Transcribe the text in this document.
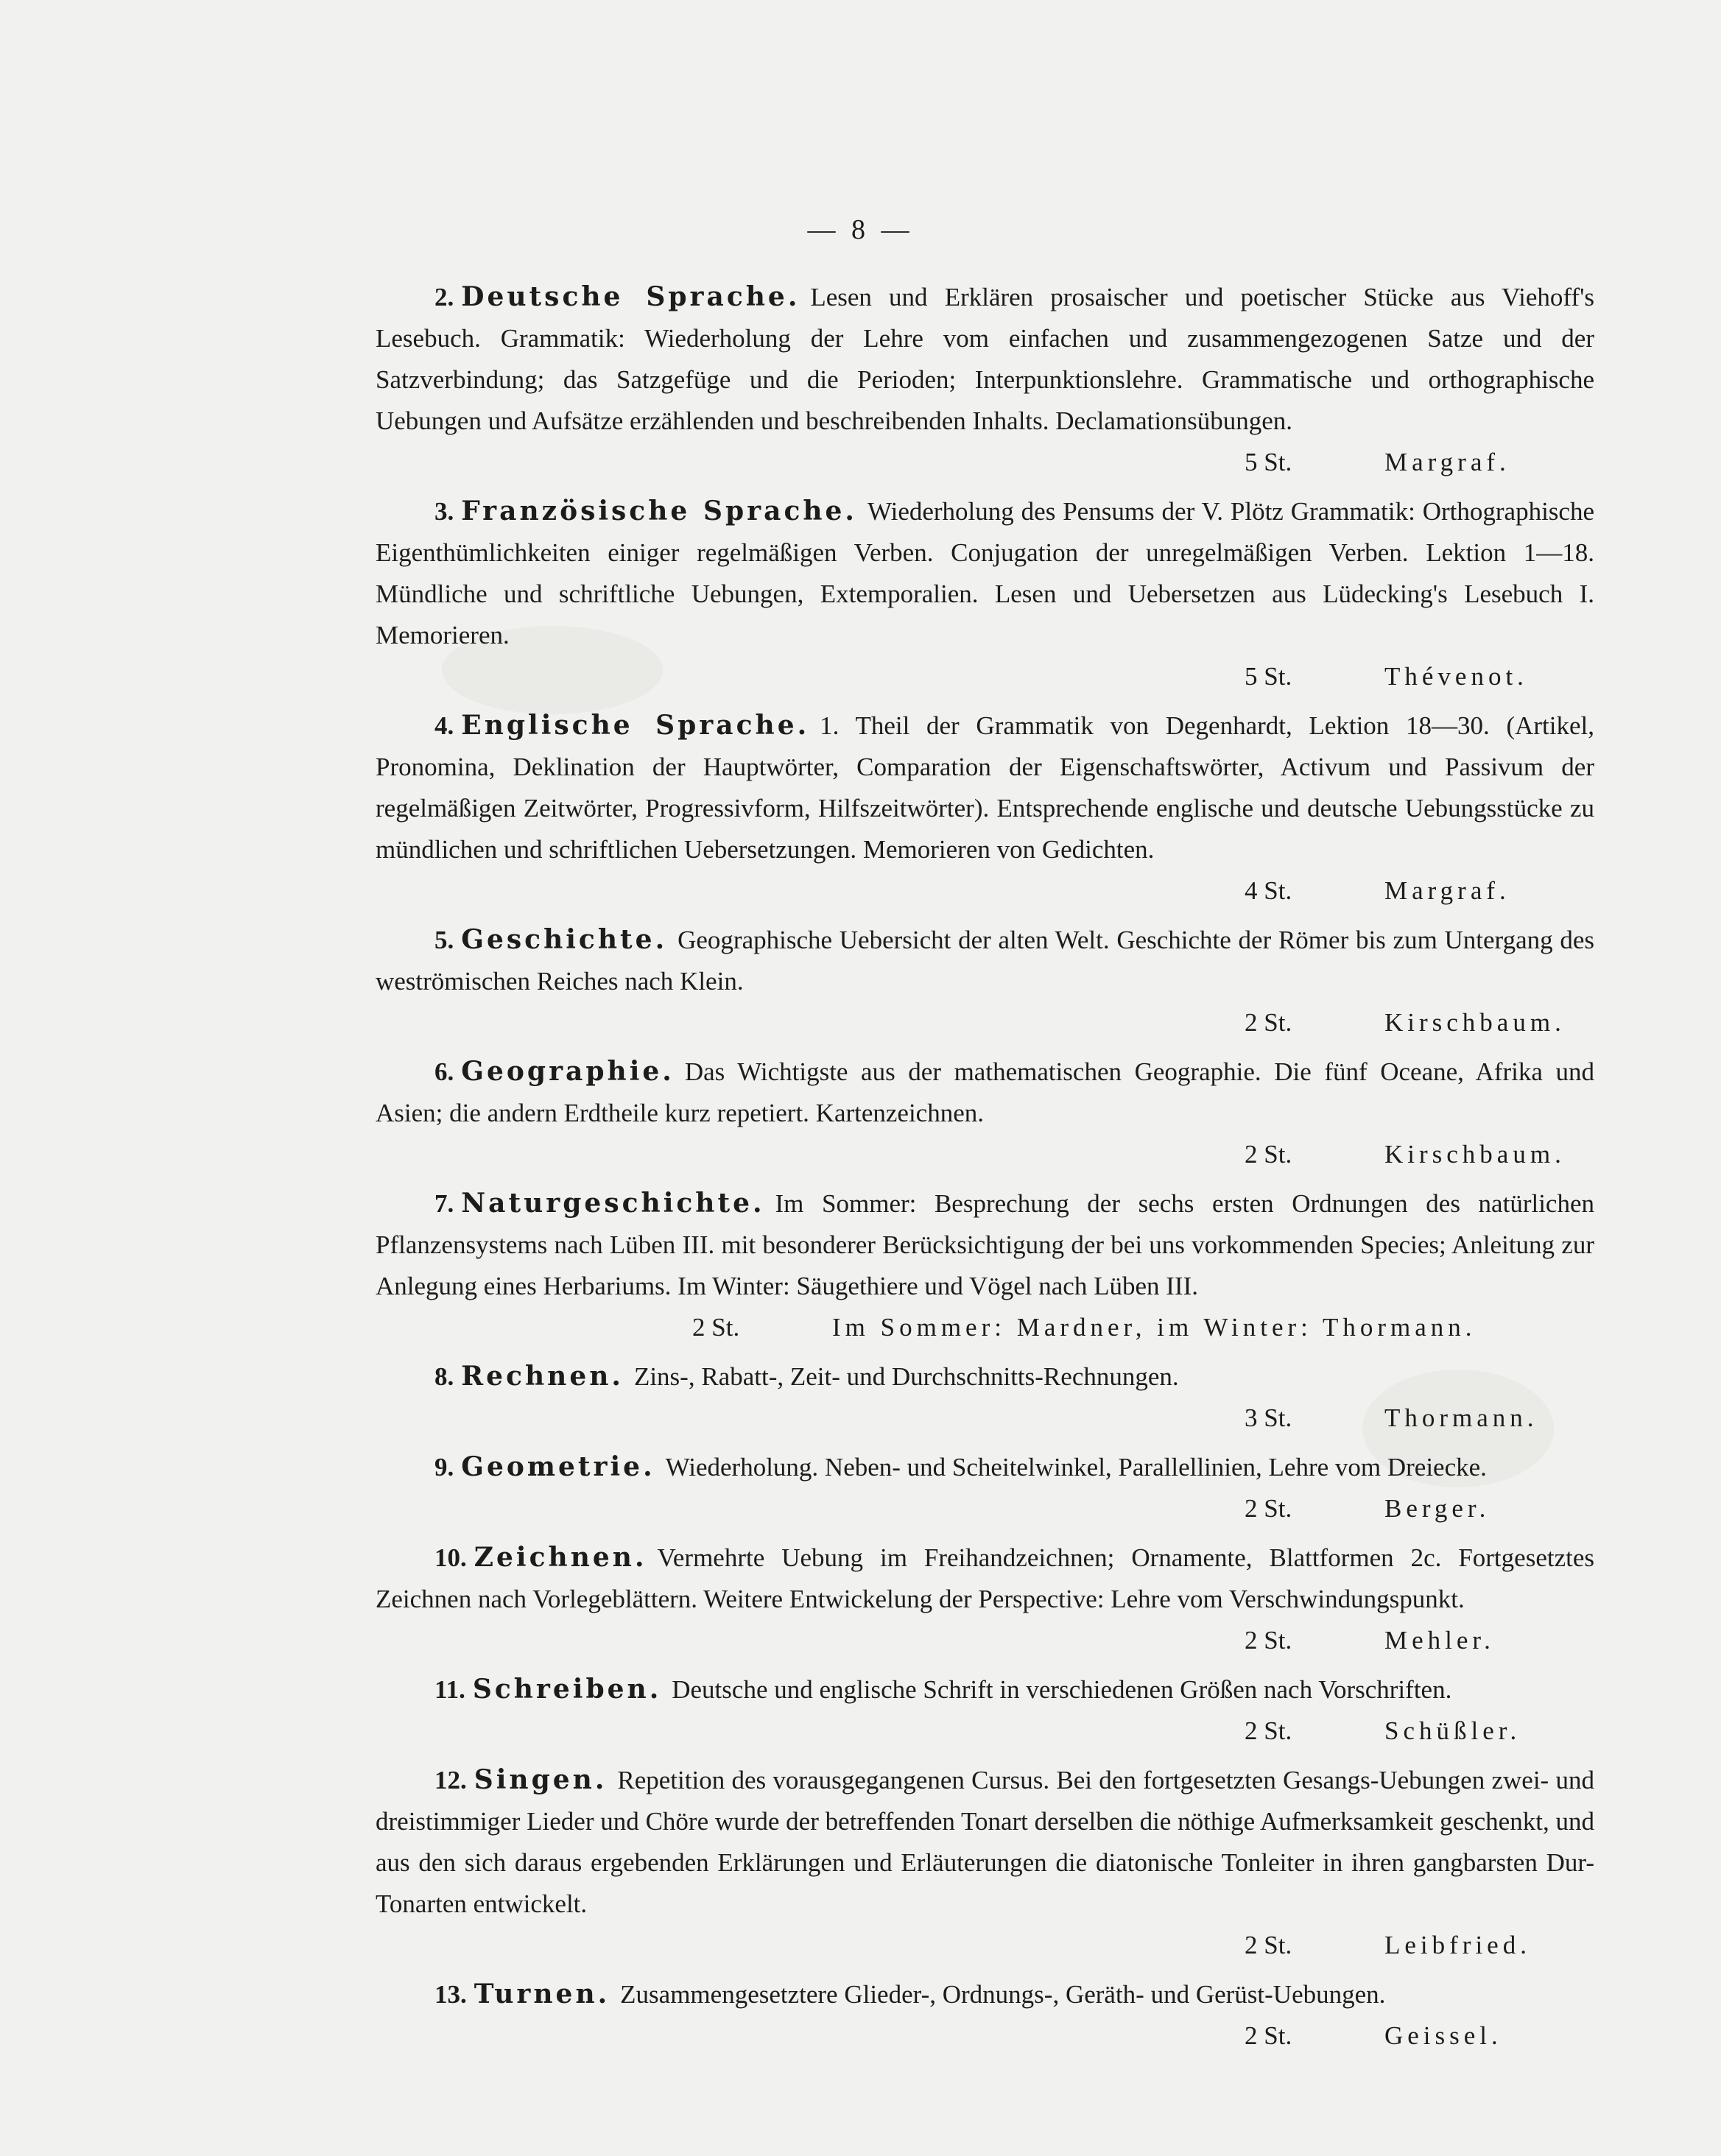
— 8 —
2. Deutsche Sprache. Lesen und Erklären prosaischer und poetischer Stücke aus Viehoff's Lesebuch. Grammatik: Wiederholung der Lehre vom einfachen und zusammengezogenen Satze und der Satzverbindung; das Satzgefüge und die Perioden; Interpunktionslehre. Grammatische und orthographische Uebungen und Aufsätze erzählenden und beschreibenden Inhalts. Declamationsübungen.
5 St.	Margraf.
3. Französische Sprache. Wiederholung des Pensums der V. Plötz Grammatik: Orthographische Eigenthümlichkeiten einiger regelmäßigen Verben. Conjugation der unregelmäßigen Verben. Lektion 1—18. Mündliche und schriftliche Uebungen, Extemporalien. Lesen und Uebersetzen aus Lüdecking's Lesebuch I. Memorieren.
5 St.	Thévenot.
4. Englische Sprache. 1. Theil der Grammatik von Degenhardt, Lektion 18—30. (Artikel, Pronomina, Deklination der Hauptwörter, Comparation der Eigenschaftswörter, Activum und Passivum der regelmäßigen Zeitwörter, Progressivform, Hilfszeitwörter). Entsprechende englische und deutsche Uebungsstücke zu mündlichen und schriftlichen Uebersetzungen. Memorieren von Gedichten.
4 St.	Margraf.
5. Geschichte. Geographische Uebersicht der alten Welt. Geschichte der Römer bis zum Untergang des weströmischen Reiches nach Klein.
2 St.	Kirschbaum.
6. Geographie. Das Wichtigste aus der mathematischen Geographie. Die fünf Oceane, Afrika und Asien; die andern Erdtheile kurz repetiert. Kartenzeichnen.
2 St.	Kirschbaum.
7. Naturgeschichte. Im Sommer: Besprechung der sechs ersten Ordnungen des natürlichen Pflanzensystems nach Lüben III. mit besonderer Berücksichtigung der bei uns vorkommenden Species; Anleitung zur Anlegung eines Herbariums. Im Winter: Säugethiere und Vögel nach Lüben III.
2 St.	Im Sommer: Mardner, im Winter: Thormann.
8. Rechnen. Zins-, Rabatt-, Zeit- und Durchschnitts-Rechnungen.
3 St.	Thormann.
9. Geometrie. Wiederholung. Neben- und Scheitelwinkel, Parallellinien, Lehre vom Dreiecke.
2 St.	Berger.
10. Zeichnen. Vermehrte Uebung im Freihandzeichnen; Ornamente, Blattformen 2c. Fortgesetztes Zeichnen nach Vorlegeblättern. Weitere Entwickelung der Perspective: Lehre vom Verschwindungspunkt.
2 St.	Mehler.
11. Schreiben. Deutsche und englische Schrift in verschiedenen Größen nach Vorschriften.
2 St.	Schüßler.
12. Singen. Repetition des vorausgegangenen Cursus. Bei den fortgesetzten Gesangs-Uebungen zwei- und dreistimmiger Lieder und Chöre wurde der betreffenden Tonart derselben die nöthige Aufmerksamkeit geschenkt, und aus den sich daraus ergebenden Erklärungen und Erläuterungen die diatonische Tonleiter in ihren gangbarsten Dur-Tonarten entwickelt.
2 St.	Leibfried.
13. Turnen. Zusammengesetztere Glieder-, Ordnungs-, Geräth- und Gerüst-Uebungen.
2 St.	Geissel.
